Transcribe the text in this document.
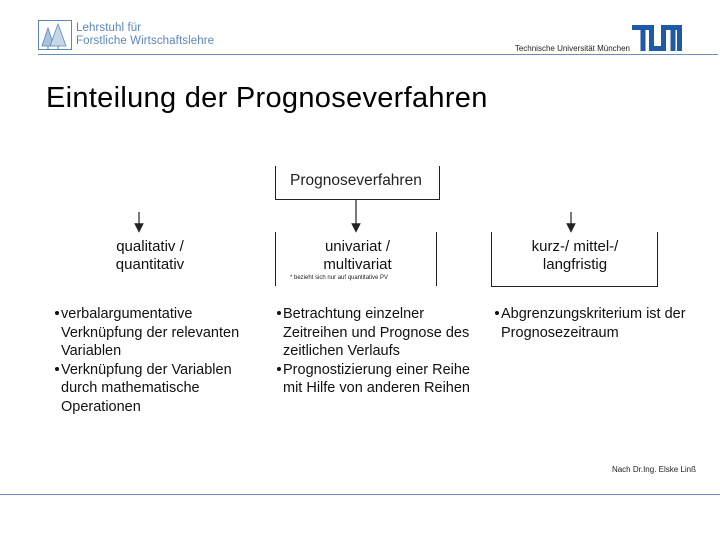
Lehrstuhl für
Forstliche Wirtschaftslehre
Technische Universität München
Einteilung der Prognoseverfahren
Prognoseverfahren
qualitativ /
quantitativ
univariat /
multivariat
kurz-/ mittel-/
langfristig
* bezieht sich nur auf quantitative PV
verbalargumentative Verknüpfung der relevanten Variablen
Verknüpfung der Variablen durch mathematische Operationen
Betrachtung einzelner Zeitreihen und Prognose des zeitlichen Verlaufs
Prognostizierung einer Reihe mit Hilfe von anderen Reihen
Abgrenzungskriterium ist der Prognosezeitraum
Nach Dr.Ing. Elske Linß
